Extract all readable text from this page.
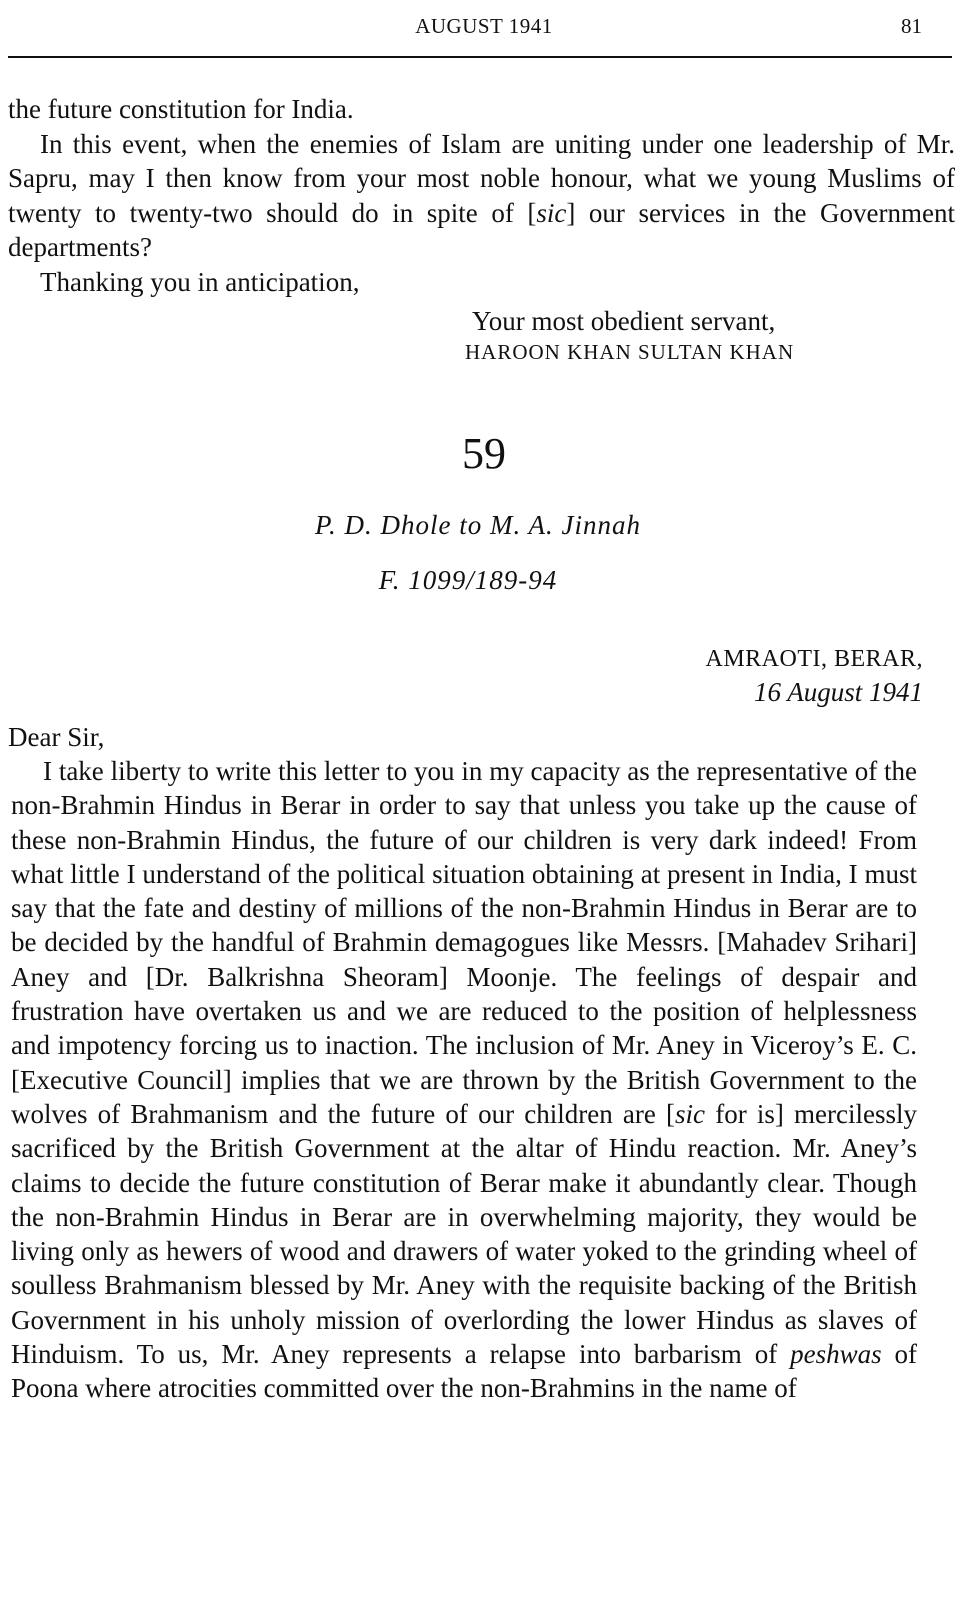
AUGUST 1941	81

the future constitution for India.

In this event, when the enemies of Islam are uniting under one leadership of Mr. Sapru, may I then know from your most noble honour, what we young Muslims of twenty to twenty-two should do in spite of [sic] our services in the Government departments?

Thanking you in anticipation,

Your most obedient servant,
HAROON KHAN SULTAN KHAN
59
P. D. Dhole to M. A. Jinnah
F. 1099/189-94
AMRAOTI, BERAR,
16 August 1941
Dear Sir,

I take liberty to write this letter to you in my capacity as the representative of the non-Brahmin Hindus in Berar in order to say that unless you take up the cause of these non-Brahmin Hindus, the future of our children is very dark indeed! From what little I understand of the political situation obtaining at present in India, I must say that the fate and destiny of millions of the non-Brahmin Hindus in Berar are to be decided by the handful of Brahmin demagogues like Messrs. [Mahadev Srihari] Aney and [Dr. Balkrishna Sheoram] Moonje. The feelings of despair and frustration have overtaken us and we are reduced to the position of helplessness and impotency forcing us to inaction. The inclusion of Mr. Aney in Viceroy’s E. C. [Executive Council] implies that we are thrown by the British Government to the wolves of Brahmanism and the future of our children are [sic for is] mercilessly sacrificed by the British Government at the altar of Hindu reaction. Mr. Aney’s claims to decide the future constitution of Berar make it abundantly clear. Though the non-Brahmin Hindus in Berar are in overwhelming majority, they would be living only as hewers of wood and drawers of water yoked to the grinding wheel of soulless Brahmanism blessed by Mr. Aney with the requisite backing of the British Government in his unholy mission of overlording the lower Hindus as slaves of Hinduism. To us, Mr. Aney represents a relapse into barbarism of peshwas of Poona where atrocities committed over the non-Brahmins in the name of
